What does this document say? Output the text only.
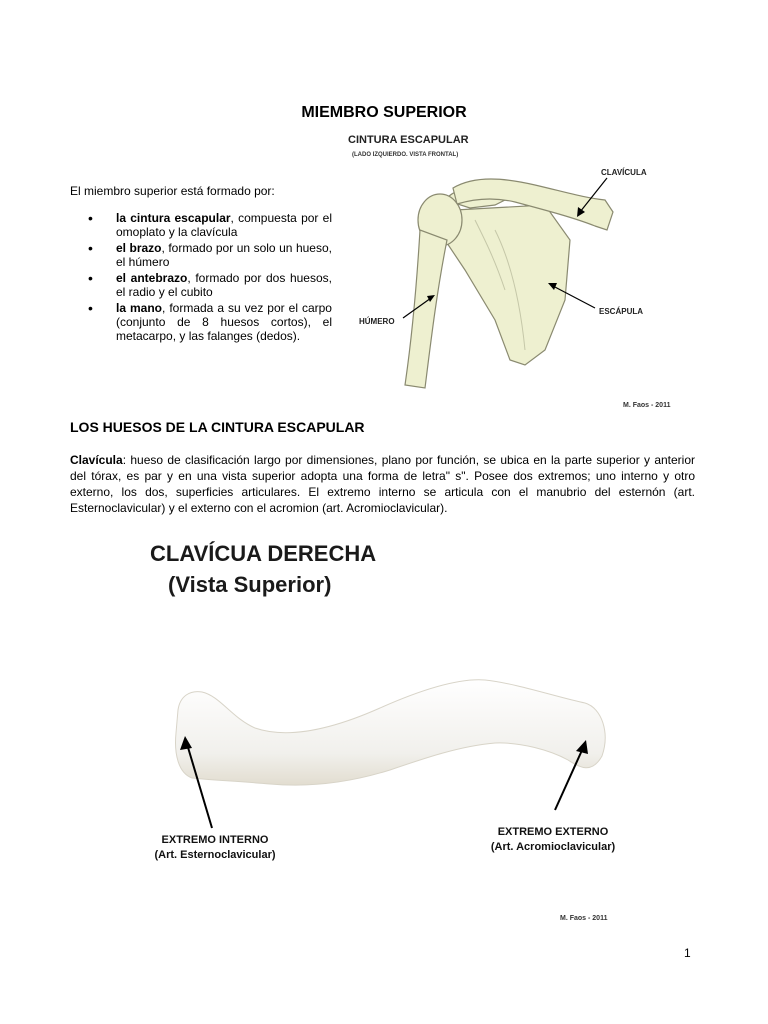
MIEMBRO SUPERIOR
CINTURA ESCAPULAR
(LADO IZQUIERDO. VISTA FRONTAL)
CLAVÍCULA
HÚMERO
ESCÁPULA
M. Faos - 2011
El miembro superior está formado por:
• la cintura escapular, compuesta por el omoplato y la clavícula
• el brazo, formado por un solo un hueso, el húmero
• el antebrazo, formado por dos huesos, el radio y el cubito
• la mano, formada a su vez por el carpo (conjunto de 8 huesos cortos), el metacarpo, y las falanges (dedos).
LOS HUESOS DE LA CINTURA ESCAPULAR
Clavícula: hueso de clasificación largo por dimensiones, plano por función, se ubica en la parte superior y anterior del tórax, es par y en una vista superior adopta una forma de letra" s". Posee dos extremos; uno interno y otro externo, los dos, superficies articulares. El extremo interno se articula con el manubrio del esternón (art. Esternoclavicular) y el externo con el acromion (art. Acromioclavicular).
CLAVÍCUA DERECHA
(Vista Superior)
EXTREMO INTERNO
(Art. Esternoclavicular)
EXTREMO EXTERNO
(Art. Acromioclavicular)
M. Faos - 2011
1
